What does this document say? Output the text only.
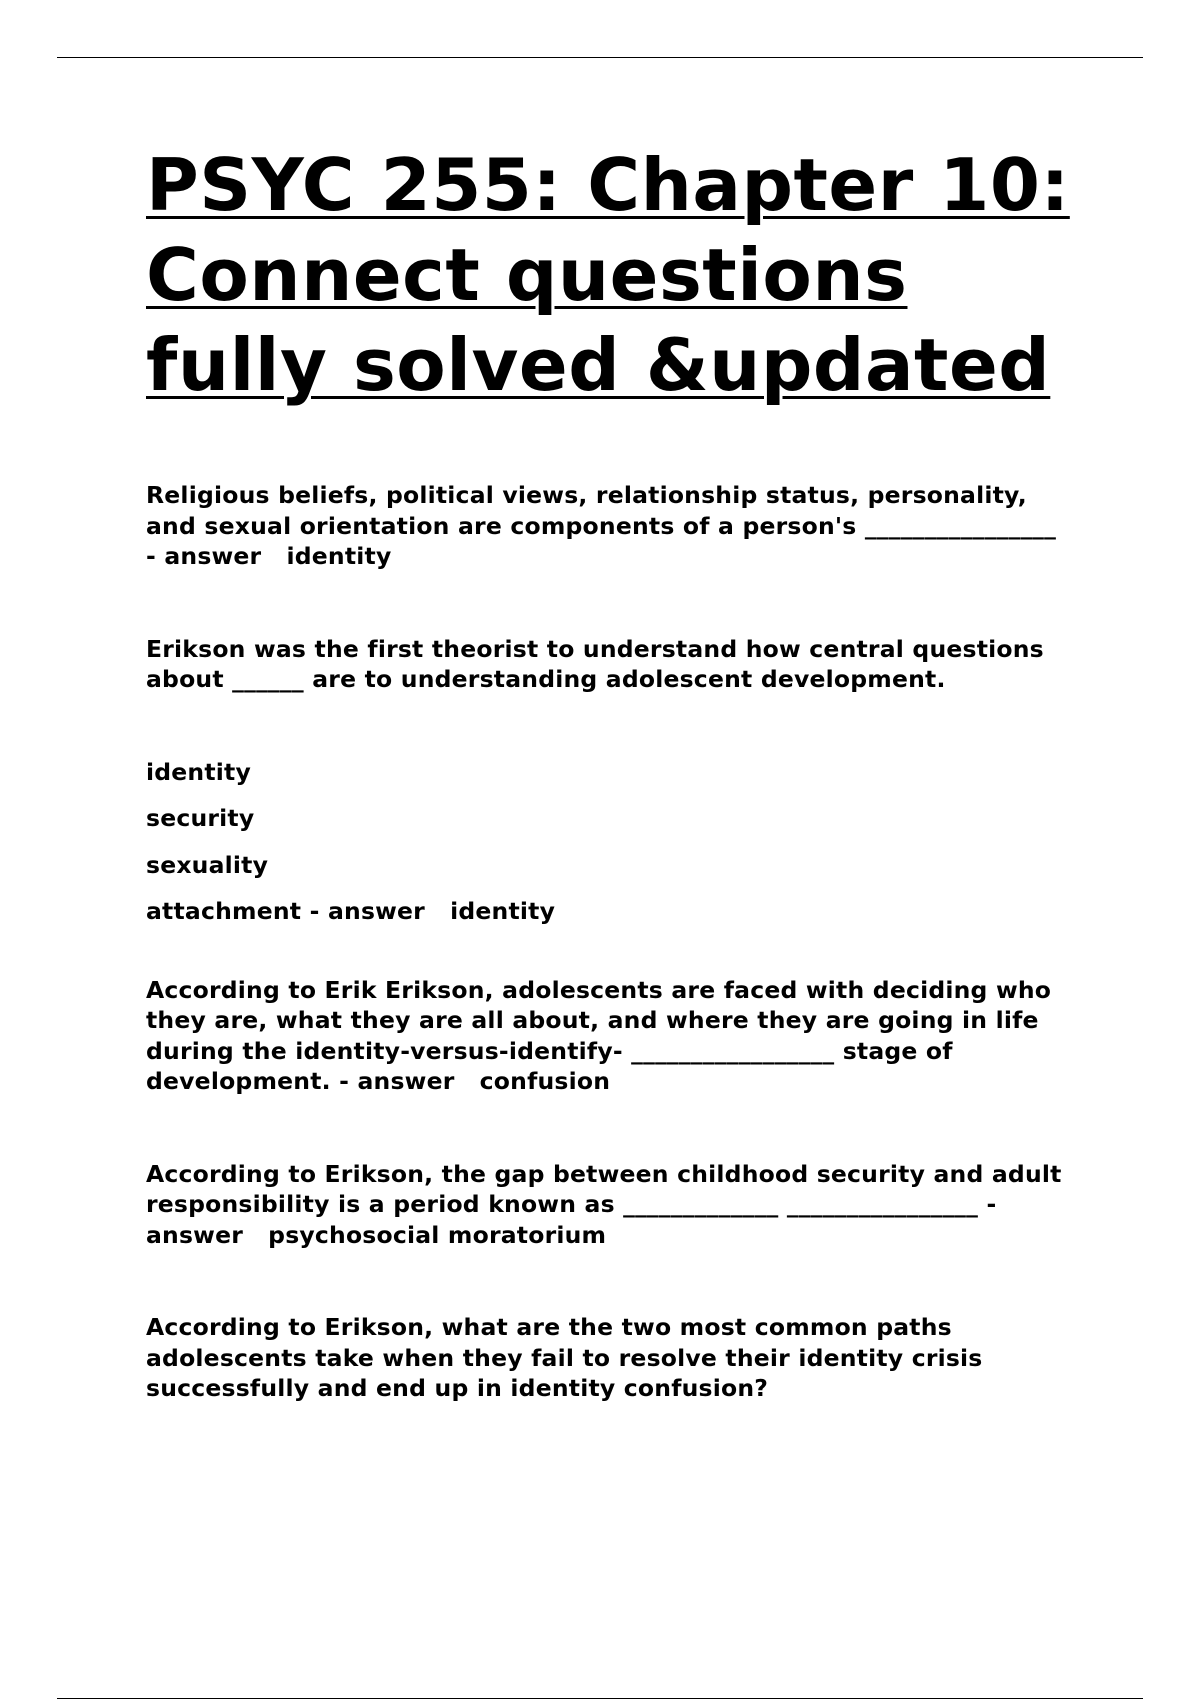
PSYC 255: Chapter 10:
Connect questions
fully solved &updated

Religious beliefs, political views, relationship status, personality,

and sexual orientation are components of a person's ________________

- answer identity

Erikson was the first theorist to understand how central questions

about ______ are to understanding adolescent development.

identity

security

sexuality

attachment - answer identity

According to Erik Erikson, adolescents are faced with deciding who

they are, what they are all about, and where they are going in life

during the identity-versus-identify- _________________ stage of

development. - answer confusion

According to Erikson, the gap between childhood security and adult

responsibility is a period known as _____________ ________________ -

answer psychosocial moratorium

According to Erikson, what are the two most common paths

adolescents take when they fail to resolve their identity crisis

successfully and end up in identity confusion?
